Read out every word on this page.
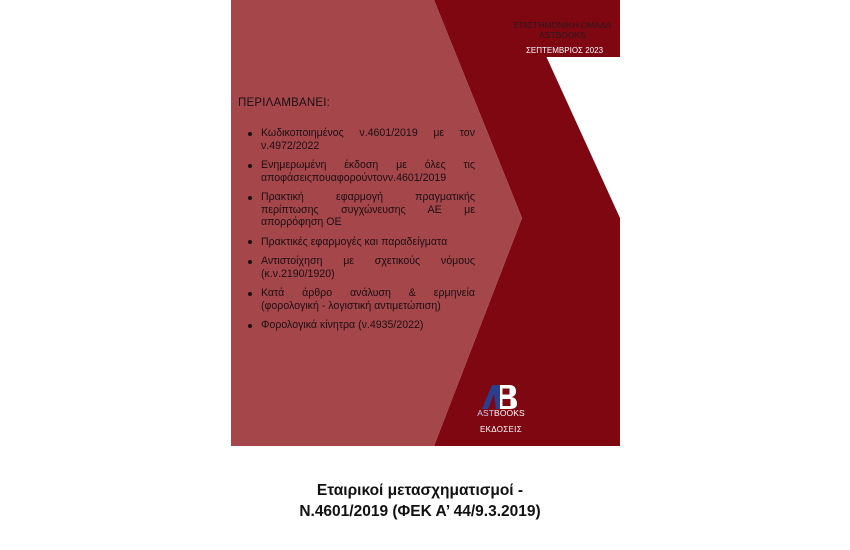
ΕΠΙΣΤΗΜΟΝΙΚΗ ΟΜΑΔΑ
ASTBOOKS
ΣΕΠΤΕΜΒΡΙΟΣ 2023
ΠΕΡΙΛΑΜΒΑΝΕΙ:
Κωδικοποιημένος ν.4601/2019 με τον ν.4972/2022
Ενημερωμένη έκδοση με όλες τις αποφάσειςπουαφορούντονν.4601/2019
Πρακτική εφαρμογή πραγματικής περίπτωσης συγχώνευσης ΑΕ με απορρόφηση ΟΕ
Πρακτικές εφαρμογές και παραδείγματα
Αντιστοίχηση με σχετικούς νόμους (κ.ν.2190/1920)
Κατά άρθρο ανάλυση & ερμηνεία (φορολογική - λογιστική αντιμετώπιση)
Φορολογικά κίνητρα (ν.4935/2022)
ASTBOOKS
ΕΚΔΟΣΕΙΣ
Εταιρικοί μετασχηματισμοί -
Ν.4601/2019 (ΦΕΚ Α’ 44/9.3.2019)
